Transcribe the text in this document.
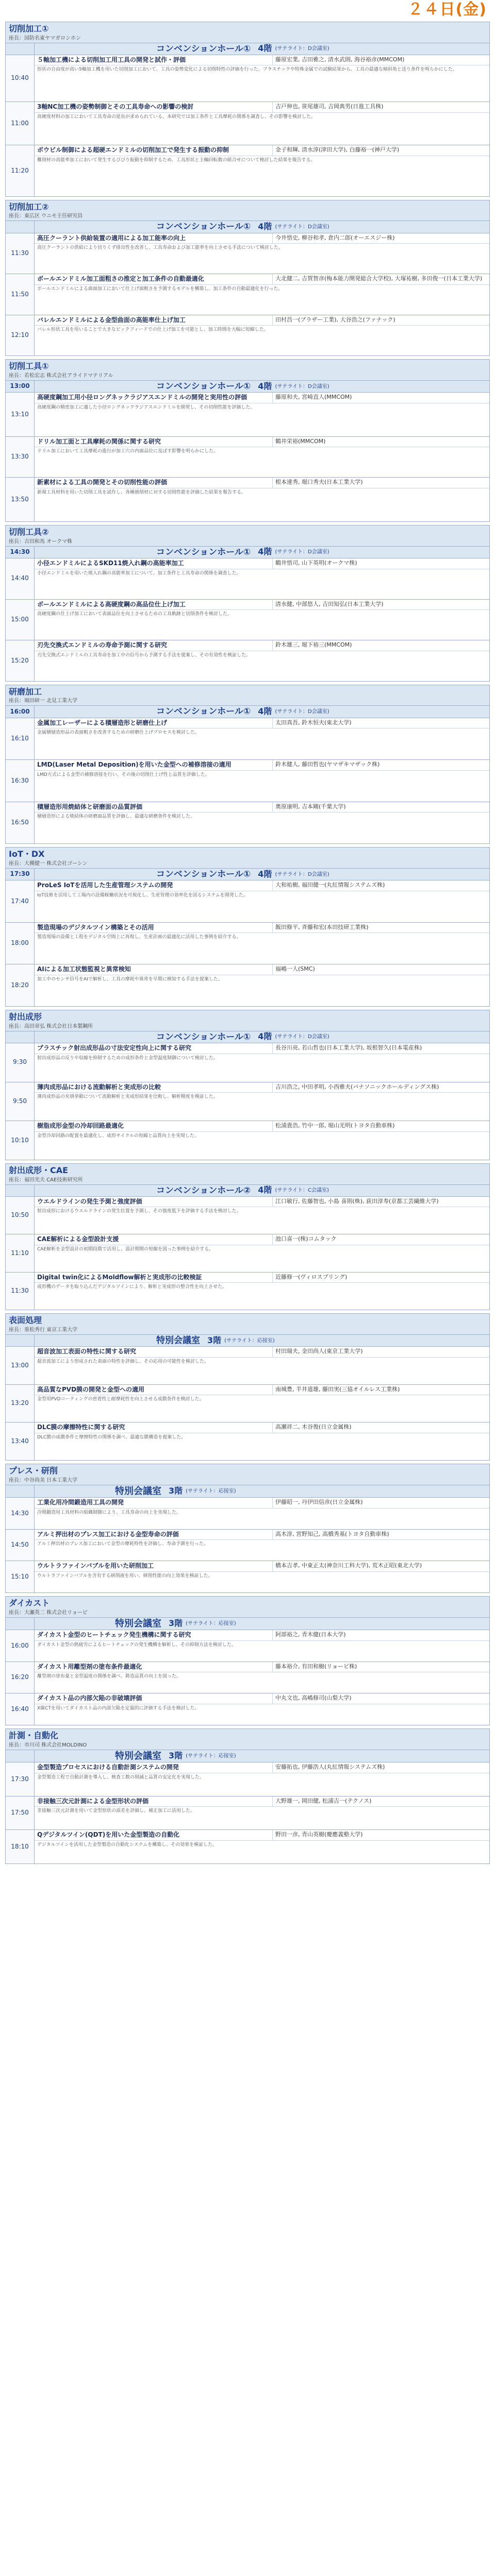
２４日(金)
切削加工①
座長：国防名東ヤマガロンホン

	コンベンションホール① 4階 (サテライト：D会議室)

10:40	５軸加工機による切削加工用工具の開発と試作・評価 藤原宏業, 吉田雅之, 清水武則, 海谷裕彦(MMCOM)
形状の自由度が高い5軸加工機を用いた切削加工において、工具の姿勢変化による切削特性の評価を行った。プラスチックや特殊金属での試験結果から、工具の最適な傾斜角と送り条件を明らかにした。

11:00	3軸NC加工機の姿勢制御とその工具寿命への影響の検討 吉戸伸也, 笹尾雄司, 吉岡典男(日進工具株)
高硬度材料の加工において工具寿命の延長が求められている。本研究では加工条件と工具摩耗の関係を調査し、その影響を検討した。

11:20	ボウビル制御による超硬エンドミルの切削加工で発生する振動の抑制 金子和輝, 清水淳(津田大学), 白藤裕一(神戸大学)
難削材の高能率加工において発生するびびり振動を抑制するため、工具形状と主軸回転数の組合せについて検討した結果を報告する。
切削加工②
座長：東広区 ウニモ主任研究員

	コンベンションホール① 4階 (サテライト：D会議室)

11:30	高圧クーラント供給装置の適用による加工能率の向上 今井悟史, 柳谷和孝, 倉内二郎(オーエスジー株)
高圧クーラントの供給により切りくず排出性を改善し、工具寿命および加工能率を向上させる手法について検討した。

11:50	ボールエンドミル加工面粗さの推定と加工条件の自動最適化 大北健二, 吉賀智彦(梅本能力開発総合大学校), 大塚祐樹, 多田俊一(日本工業大学)
ボールエンドミルによる曲面加工において仕上げ面粗さを予測するモデルを構築し、加工条件の自動最適化を行った。

12:10	バレルエンドミルによる金型曲面の高能率仕上げ加工 田村昌一(ブラザー工業), 大谷浩之(ファナック)
バレル形状工具を用いることで大きなピックフィードでの仕上げ加工を可能とし、加工時間を大幅に短縮した。
切削工具①
座長：若松宏志 株式会社アライドマテリアル
13:00	コンベンションホール① 4階 (サテライト：D会議室)

13:10	高硬度鋼加工用小径ロングネックラジアスエンドミルの開発と実用性の評価 藤原和夫, 宮崎直人(MMCOM)
高硬度鋼の精密加工に適した小径ロングネックラジアスエンドミルを開発し、その切削性能を評価した。

13:30	ドリル加工面と工具摩耗の関係に関する研究 鶴井栄裕(MMCOM)
ドリル加工において工具摩耗の進行が加工穴の内面品位に及ぼす影響を明らかにした。

13:50	新素材による工具の開発とその切削性能の評価 根本達秀, 堀口秀夫(日本工業大学)
新規工具材料を用いた切削工具を試作し、各種被削材に対する切削性能を評価した結果を報告する。
切削工具②
座長：吉田和馬 オークマ株
14:30	コンベンションホール① 4階 (サテライト：D会議室)

14:40	小径エンドミルによるSKD11焼入れ鋼の高能率加工 鶴井悟司, 山下英明(オークマ株)
小径エンドミルを用いた焼入れ鋼の高能率加工について、加工条件と工具寿命の関係を調査した。

15:00	ボールエンドミルによる高硬度鋼の高品位仕上げ加工 清水健, 中部悠人, 吉田知弘(日本工業大学)
高硬度鋼の仕上げ加工において表面品位を向上させるための工具軌跡と切削条件を検討した。

15:20	刃先交換式エンドミルの寿命予測に関する研究 鈴木雄三, 堀下裕三(MMCOM)
刃先交換式エンドミルの工具寿命を加工中の信号から予測する手法を提案し、その有効性を検証した。
研磨加工
座長：堀田研一 北見工業大学
16:00	コンベンションホール① 4階 (サテライト：D会議室)

16:10	金属加工レーザーによる積層造形と研磨仕上げ 太田真吾, 鈴木恒夫(東北大学)
金属積層造形品の表面粗さを改善するための研磨仕上げプロセスを検討した。

16:30	LMD(Laser Metal Deposition)を用いた金型への補修溶接の適用 鈴木健人, 藤田哲也(ヤマザキマザック株)
LMD方式による金型の補修溶接を行い、その後の切削仕上げ性と品質を評価した。

16:50	積層造形用焼結体と研磨面の品質評価 奥原康明, 吉本剛(千葉大学)
積層造形による焼結体の研磨面品質を評価し、最適な研磨条件を検討した。
IoT・DX
座長：大槻健一 株式会社ゴーシン
17:30	コンベンションホール① 4階 (サテライト：D会議室)

17:40	ProLeS IoTを活用した生産管理システムの開発 大和祐樹, 福田健一(丸紅情報システムズ株)
IoT技術を活用して工場内の設備稼働状況を可視化し、生産管理の効率化を図るシステムを開発した。

18:00	製造現場のデジタルツイン構築とその活用 飯田修平, 斉藤和宏(本田技研工業株)
製造現場の設備と工程をデジタル空間上に再現し、生産計画の最適化に活用した事例を紹介する。

18:20	AIによる加工状態監視と異常検知 福嶋一人(SMC)
加工中のセンサ信号をAIで解析し、工具の摩耗や異常を早期に検知する手法を提案した。
射出成形
座長：高田章弘 株式会社日本製鋼所

	コンベンションホール① 4階 (サテライト：D会議室)

9:30	プラスチック射出成形品の寸法安定性向上に関する研究 長谷川亮, 若山哲也(日本工業大学), 坂根智久(日本電産株)
射出成形品の反りや収縮を抑制するための成形条件と金型温度制御について検討した。

9:50	薄肉成形品における流動解析と実成形の比較 吉川浩之, 中田孝明, 小西雅夫(パナソニックホールディングス株)
薄肉成形品の充填挙動について流動解析と実成形結果を比較し、解析精度を検証した。

10:10	樹脂成形金型の冷却回路最適化 松浦貴浩, 竹中一郎, 堀山光明(トヨタ自動車株)
金型冷却回路の配置を最適化し、成形サイクルの短縮と品質向上を実現した。
射出成形・CAE
座長：福田光夫 CAE技術研究所

	コンベンションホール② 4階 (サテライト：C会議室)

10:50	ウエルドラインの発生予測と強度評価 江口敏行, 佐藤智也, 小島 喜則(株), 荻田淳寿(京都工芸繊維大学)
射出成形におけるウエルドラインの発生位置を予測し、その強度低下を評価する手法を検討した。

11:10	CAE解析による金型設計支援 池口喜一(株)コムタック
CAE解析を金型設計の初期段階で活用し、設計期間の短縮を図った事例を紹介する。

11:30	Digital twin化によるMoldflow解析と実成形の比較検証 近藤修一(ヴィロスプリング)
成形機のデータを取り込んだデジタルツインにより、解析と実成形の整合性を向上させた。
表面処理
座長：重松秀行 東京工業大学

	特別会議室 3階 (サテライト：応接室)

13:00	超音波加工表面の特性に関する研究 村田瑞夫, 金田尚人(東京工業大学)
超音波加工により形成された表面の特性を評価し、その応用の可能性を検討した。

13:20	高品質なPVD膜の開発と金型への適用 南城豊, 半井道雄, 藤田実(三協オイルレス工業株)
金型用PVDコーティングの密着性と耐摩耗性を向上させる成膜条件を検討した。

13:40	DLC膜の摩擦特性に関する研究 高瀬祥二, 木谷俊(日立金属株)
DLC膜の成膜条件と摩擦特性の関係を調べ、最適な膜構造を提案した。
プレス・研削
座長：中谷尚美 日本工業大学

	特別会議室 3階 (サテライト：応接室)

14:30	工業化用冷間鍛造用工具の開発 伊藤昭一, 丹伊田信彦(日立金属株)
冷間鍛造用工具材料の組織制御により、工具寿命の向上を実現した。

14:50	アルミ押出材のプレス加工における金型寿命の評価 高木淳, 宮野知己, 高橋秀基(トヨタ自動車株)
アルミ押出材のプレス加工において金型の摩耗特性を評価し、寿命予測を行った。

15:10	ウルトラファインバブルを用いた研削加工 橋本吉孝, 中東正太(神奈川工科大学), 荒木正昭(東北大学)
ウルトラファインバブルを含有する研削液を用い、研削性能の向上効果を検証した。
ダイカスト
座長：大瀬英二 株式会社リョービ

	特別会議室 3階 (サテライト：応接室)

16:00	ダイカスト金型のヒートチェック発生機構に関する研究 阿部裕之, 青木健(日本大学)
ダイカスト金型の熱疲労によるヒートチェックの発生機構を解析し、その抑制方法を検討した。

16:20	ダイカスト用離型剤の塗布条件最適化 藤本裕介, 有田和樹(リョービ株)
離型剤の塗布量と金型温度の関係を調べ、鋳造品質の向上を図った。

16:40	ダイカスト品の内部欠陥の非破壊評価 中丸文也, 高嶋修司(山梨大学)
X線CTを用いてダイカスト品の内部欠陥を定量的に評価する手法を検討した。
計測・自動化
座長：市川司 株式会社MOLDINO

	特別会議室 3階 (サテライト：応接室)

17:30	金型製造プロセスにおける自動計測システムの開発 安藤拓也, 伊藤浩人(丸紅情報システムズ株)
金型製造工程で自動計測を導入し、検査工数の削減と品質の安定化を実現した。

17:50	非接触三次元計測による金型形状の評価 大野雄一, 岡田健, 松浦吉一(テクノス)
非接触三次元計測を用いて金型形状の誤差を評価し、補正加工に活用した。

18:10	Qデジタルツイン(QDT)を用いた金型製造の自動化 野田一彦, 青山英樹(慶應義塾大学)
デジタルツインを活用した金型製造の自動化システムを構築し、その効果を検証した。
